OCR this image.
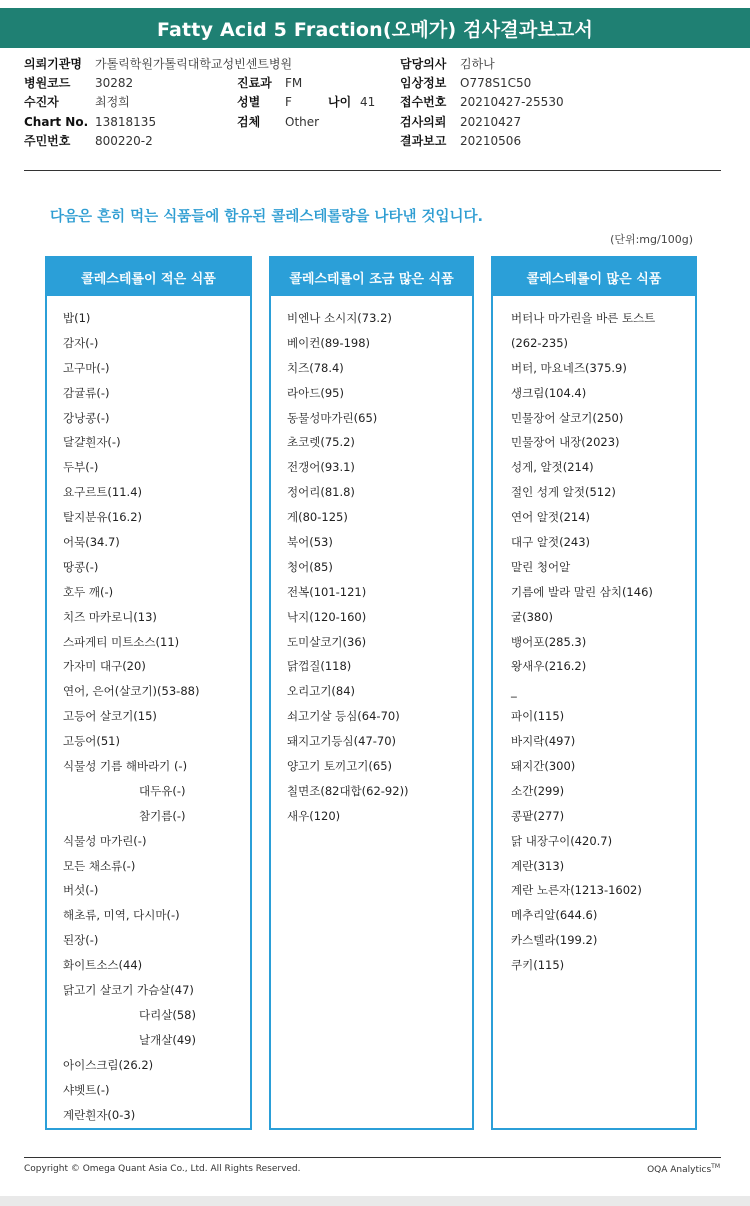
Fatty Acid 5 Fraction(오메가) 검사결과보고서
의뢰기관명 가톨릭학원가톨릭대학교성빈센트병원
병원코드 30282	진료과 FM
수진자	최정희	성별 F	나이 41
Chart No. 13818135	검체 Other
주민번호 800220-2
담당의사 김하나
임상정보 O778S1C50
접수번호 20210427-25530
검사의뢰 20210427
결과보고 20210506
다음은 흔히 먹는 식품들에 함유된 콜레스테롤량을 나타낸 것입니다.
(단위:mg/100g)
콜레스테롤이 적은 식품
밥(1)
감자(-)
고구마(-)
감귤류(-)
강낭콩(-)
달걀흰자(-)
두부(-)
요구르트(11.4)
탈지분유(16.2)
어묵(34.7)
땅콩(-)
호두 깨(-)
치즈 마카로니(13)
스파게티 미트소스(11)
가자미 대구(20)
연어, 은어(살코기)(53-88)
고등어 살코기(15)
고등어(51)
식물성 기름 해바라기 (-)
대두유(-)
참기름(-)
식물성 마가린(-)
모든 채소류(-)
버섯(-)
해초류, 미역, 다시마(-)
된장(-)
화이트소스(44)
닭고기 살코기 가슴살(47)
다리살(58)
날개살(49)
아이스크림(26.2)
샤벳트(-)
계란흰자(0-3)
콜레스테롤이 조금 많은 식품
비엔나 소시지(73.2)
베이컨(89-198)
치즈(78.4)
라아드(95)
동물성마가린(65)
초코렛(75.2)
전갱어(93.1)
정어리(81.8)
게(80-125)
북어(53)
청어(85)
전복(101-121)
낙지(120-160)
도미살코기(36)
닭껍질(118)
오리고기(84)
쇠고기살 등심(64-70)
돼지고기등심(47-70)
양고기 토끼고기(65)
칠면조(82대합(62-92))
새우(120)
콜레스테롤이 많은 식품
버터나 마가린을 바른 토스트
(262-235)
버터, 마요네즈(375.9)
생크림(104.4)
민물장어 살코기(250)
민물장어 내장(2023)
성게, 알젓(214)
절인 성게 알젓(512)
연어 알젓(214)
대구 알젓(243)
말린 청어알
기름에 발라 말린 삼치(146)
굴(380)
뱅어포(285.3)
왕새우(216.2)
_
파이(115)
바지락(497)
돼지간(300)
소간(299)
콩팥(277)
닭 내장구이(420.7)
계란(313)
계란 노른자(1213-1602)
메추리알(644.6)
카스텔라(199.2)
쿠키(115)
Copyright © Omega Quant Asia Co., Ltd. All Rights Reserved.	OQA Analytics™
